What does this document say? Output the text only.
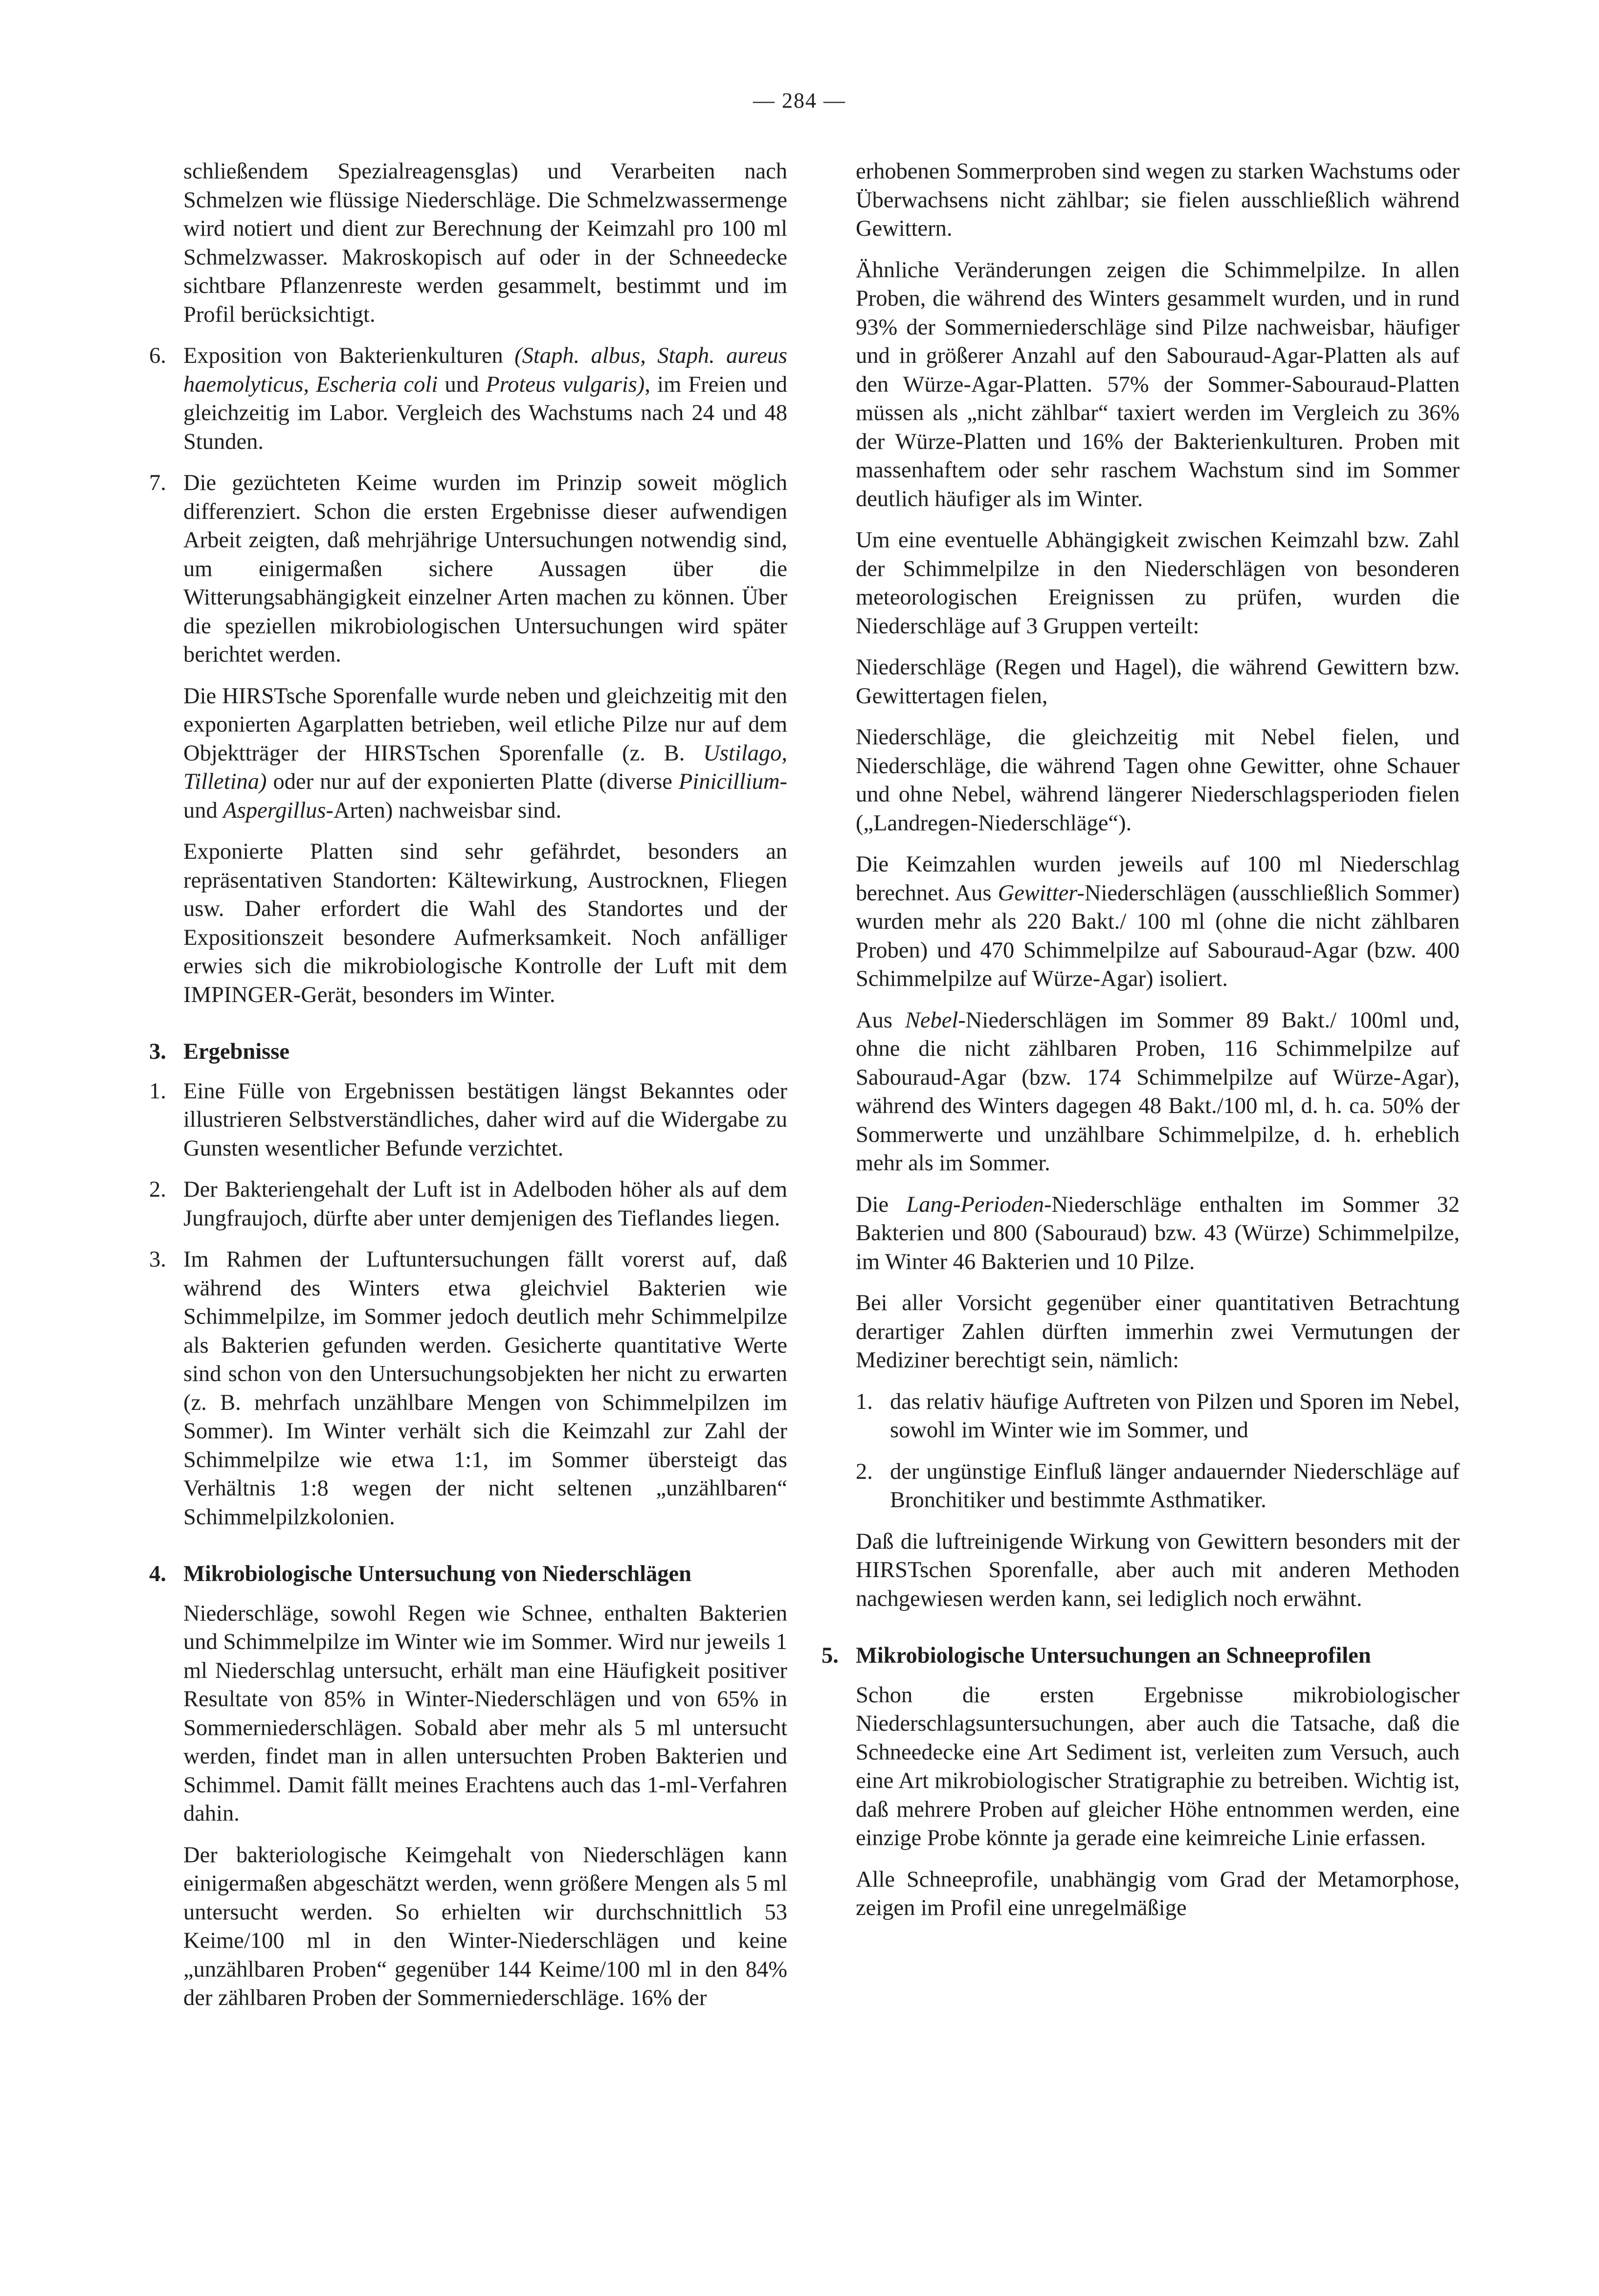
— 284 —
schließendem Spezialreagensglas) und Verarbeiten nach Schmelzen wie flüssige Niederschläge. Die Schmelzwassermenge wird notiert und dient zur Berechnung der Keimzahl pro 100 ml Schmelzwasser. Makroskopisch auf oder in der Schneedecke sichtbare Pflanzenreste werden gesammelt, bestimmt und im Profil berücksichtigt.
6. Exposition von Bakterienkulturen (Staph. albus, Staph. aureus haemolyticus, Escheria coli und Proteus vulgaris), im Freien und gleichzeitig im Labor. Vergleich des Wachstums nach 24 und 48 Stunden.
7. Die gezüchteten Keime wurden im Prinzip soweit möglich differenziert. Schon die ersten Ergebnisse dieser aufwendigen Arbeit zeigten, daß mehrjährige Untersuchungen notwendig sind, um einigermaßen sichere Aussagen über die Witterungsabhängigkeit einzelner Arten machen zu können. Über die speziellen mikrobiologischen Untersuchungen wird später berichtet werden.
Die HIRSTsche Sporenfalle wurde neben und gleichzeitig mit den exponierten Agarplatten betrieben, weil etliche Pilze nur auf dem Objektträger der HIRSTschen Sporenfalle (z. B. Ustilago, Tilletina) oder nur auf der exponierten Platte (diverse Pinicillium- und Aspergillus-Arten) nachweisbar sind.
Exponierte Platten sind sehr gefährdet, besonders an repräsentativen Standorten: Kältewirkung, Austrocknen, Fliegen usw. Daher erfordert die Wahl des Standortes und der Expositionszeit besondere Aufmerksamkeit. Noch anfälliger erwies sich die mikrobiologische Kontrolle der Luft mit dem IMPINGER-Gerät, besonders im Winter.
3. Ergebnisse
1. Eine Fülle von Ergebnissen bestätigen längst Bekanntes oder illustrieren Selbstverständliches, daher wird auf die Widergabe zu Gunsten wesentlicher Befunde verzichtet.
2. Der Bakteriengehalt der Luft ist in Adelboden höher als auf dem Jungfraujoch, dürfte aber unter demjenigen des Tieflandes liegen.
3. Im Rahmen der Luftuntersuchungen fällt vorerst auf, daß während des Winters etwa gleichviel Bakterien wie Schimmelpilze, im Sommer jedoch deutlich mehr Schimmelpilze als Bakterien gefunden werden. Gesicherte quantitative Werte sind schon von den Untersuchungsobjekten her nicht zu erwarten (z. B. mehrfach unzählbare Mengen von Schimmelpilzen im Sommer). Im Winter verhält sich die Keimzahl zur Zahl der Schimmelpilze wie etwa 1:1, im Sommer übersteigt das Verhältnis 1:8 wegen der nicht seltenen „unzählbaren“ Schimmelpilzkolonien.
4. Mikrobiologische Untersuchung von Niederschlägen
Niederschläge, sowohl Regen wie Schnee, enthalten Bakterien und Schimmelpilze im Winter wie im Sommer. Wird nur jeweils 1 ml Niederschlag untersucht, erhält man eine Häufigkeit positiver Resultate von 85% in Winter-Niederschlägen und von 65% in Sommerniederschlägen. Sobald aber mehr als 5 ml untersucht werden, findet man in allen untersuchten Proben Bakterien und Schimmel. Damit fällt meines Erachtens auch das 1-ml-Verfahren dahin.
Der bakteriologische Keimgehalt von Niederschlägen kann einigermaßen abgeschätzt werden, wenn größere Mengen als 5 ml untersucht werden. So erhielten wir durchschnittlich 53 Keime/100 ml in den Winter-Niederschlägen und keine „unzählbaren Proben“ gegenüber 144 Keime/100 ml in den 84% der zählbaren Proben der Sommerniederschläge. 16% der
erhobenen Sommerproben sind wegen zu starken Wachstums oder Überwachsens nicht zählbar; sie fielen ausschließlich während Gewittern.
Ähnliche Veränderungen zeigen die Schimmelpilze. In allen Proben, die während des Winters gesammelt wurden, und in rund 93% der Sommerniederschläge sind Pilze nachweisbar, häufiger und in größerer Anzahl auf den Sabouraud-Agar-Platten als auf den Würze-Agar-Platten. 57% der Sommer-Sabouraud-Platten müssen als „nicht zählbar“ taxiert werden im Vergleich zu 36% der Würze-Platten und 16% der Bakterienkulturen. Proben mit massenhaftem oder sehr raschem Wachstum sind im Sommer deutlich häufiger als im Winter.
Um eine eventuelle Abhängigkeit zwischen Keimzahl bzw. Zahl der Schimmelpilze in den Niederschlägen von besonderen meteorologischen Ereignissen zu prüfen, wurden die Niederschläge auf 3 Gruppen verteilt:
Niederschläge (Regen und Hagel), die während Gewittern bzw. Gewittertagen fielen,
Niederschläge, die gleichzeitig mit Nebel fielen, und Niederschläge, die während Tagen ohne Gewitter, ohne Schauer und ohne Nebel, während längerer Niederschlagsperioden fielen („Landregen-Niederschläge“).
Die Keimzahlen wurden jeweils auf 100 ml Niederschlag berechnet. Aus Gewitter-Niederschlägen (ausschließlich Sommer) wurden mehr als 220 Bakt./ 100 ml (ohne die nicht zählbaren Proben) und 470 Schimmelpilze auf Sabouraud-Agar (bzw. 400 Schimmelpilze auf Würze-Agar) isoliert.
Aus Nebel-Niederschlägen im Sommer 89 Bakt./ 100ml und, ohne die nicht zählbaren Proben, 116 Schimmelpilze auf Sabouraud-Agar (bzw. 174 Schimmelpilze auf Würze-Agar), während des Winters dagegen 48 Bakt./100 ml, d. h. ca. 50% der Sommerwerte und unzählbare Schimmelpilze, d. h. erheblich mehr als im Sommer.
Die Lang-Perioden-Niederschläge enthalten im Sommer 32 Bakterien und 800 (Sabouraud) bzw. 43 (Würze) Schimmelpilze, im Winter 46 Bakterien und 10 Pilze.
Bei aller Vorsicht gegenüber einer quantitativen Betrachtung derartiger Zahlen dürften immerhin zwei Vermutungen der Mediziner berechtigt sein, nämlich:
1. das relativ häufige Auftreten von Pilzen und Sporen im Nebel, sowohl im Winter wie im Sommer, und
2. der ungünstige Einfluß länger andauernder Niederschläge auf Bronchitiker und bestimmte Asthmatiker.
Daß die luftreinigende Wirkung von Gewittern besonders mit der HIRSTschen Sporenfalle, aber auch mit anderen Methoden nachgewiesen werden kann, sei lediglich noch erwähnt.
5. Mikrobiologische Untersuchungen an Schneeprofilen
Schon die ersten Ergebnisse mikrobiologischer Niederschlagsuntersuchungen, aber auch die Tatsache, daß die Schneedecke eine Art Sediment ist, verleiten zum Versuch, auch eine Art mikrobiologischer Stratigraphie zu betreiben. Wichtig ist, daß mehrere Proben auf gleicher Höhe entnommen werden, eine einzige Probe könnte ja gerade eine keimreiche Linie erfassen.
Alle Schneeprofile, unabhängig vom Grad der Metamorphose, zeigen im Profil eine unregelmäßige
